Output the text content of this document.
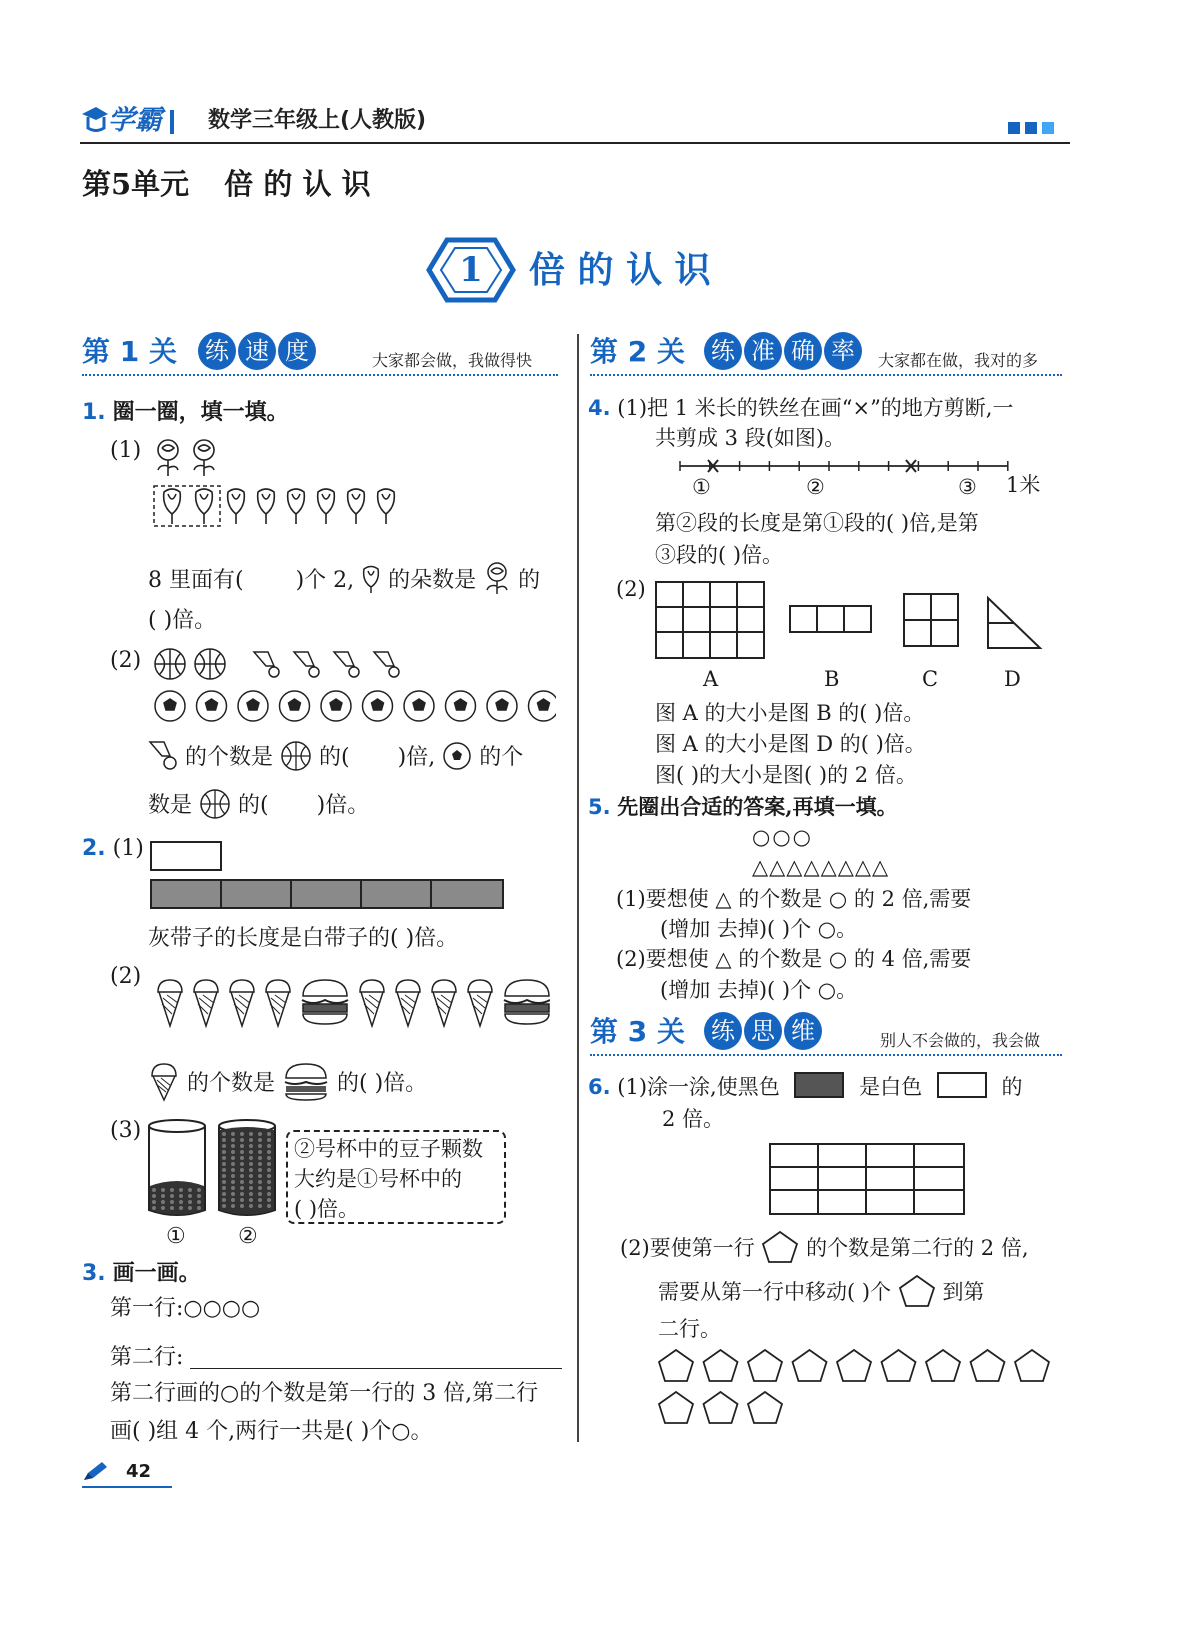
学霸 数学三年级上(人教版)
第5单元 倍 的 认 识
1	倍 的 认 识
第 1 关 练 速 度	大家都会做，我做得快
1. 圈一圈，填一填。
(1)
8 里面有( )个 2, 的朵数是 的
( )倍。
(2)
的个数是 的( )倍, 的个
数是 的( )倍。
2. (1)
灰带子的长度是白带子的( )倍。
(2)
的个数是	的( )倍。
(3)
① ②
②号杯中的豆子颗数
大约是①号杯中的
( )倍。
3. 画一画。
第一行:○○○○
第二行:
第二行画的○的个数是第一行的 3 倍,第二行
画( )组 4 个,两行一共是( )个○。
第 2 关 练 准 确 率	大家都在做，我对的多
4. (1)把 1 米长的铁丝在画“×”的地方剪断,一
共剪成 3 段(如图)。
①	②	③ 1米
第②段的长度是第①段的( )倍,是第
③段的( )倍。
(2)
A	B	C	D
图 A 的大小是图 B 的( )倍。
图 A 的大小是图 D 的( )倍。
图( )的大小是图( )的 2 倍。
5. 先圈出合适的答案,再填一填。
○○○
△△△△△△△△
(1)要想使 △ 的个数是 ○ 的 2 倍,需要
(增加 去掉)( )个 ○。
(2)要想使 △ 的个数是 ○ 的 4 倍,需要
(增加 去掉)( )个 ○。
第 3 关 练 思 维	别人不会做的，我会做
6. (1)涂一涂,使黑色	是白色	的
2 倍。
(2)要使第一行 的个数是第二行的 2 倍,
需要从第一行中移动( )个 到第
二行。
42
